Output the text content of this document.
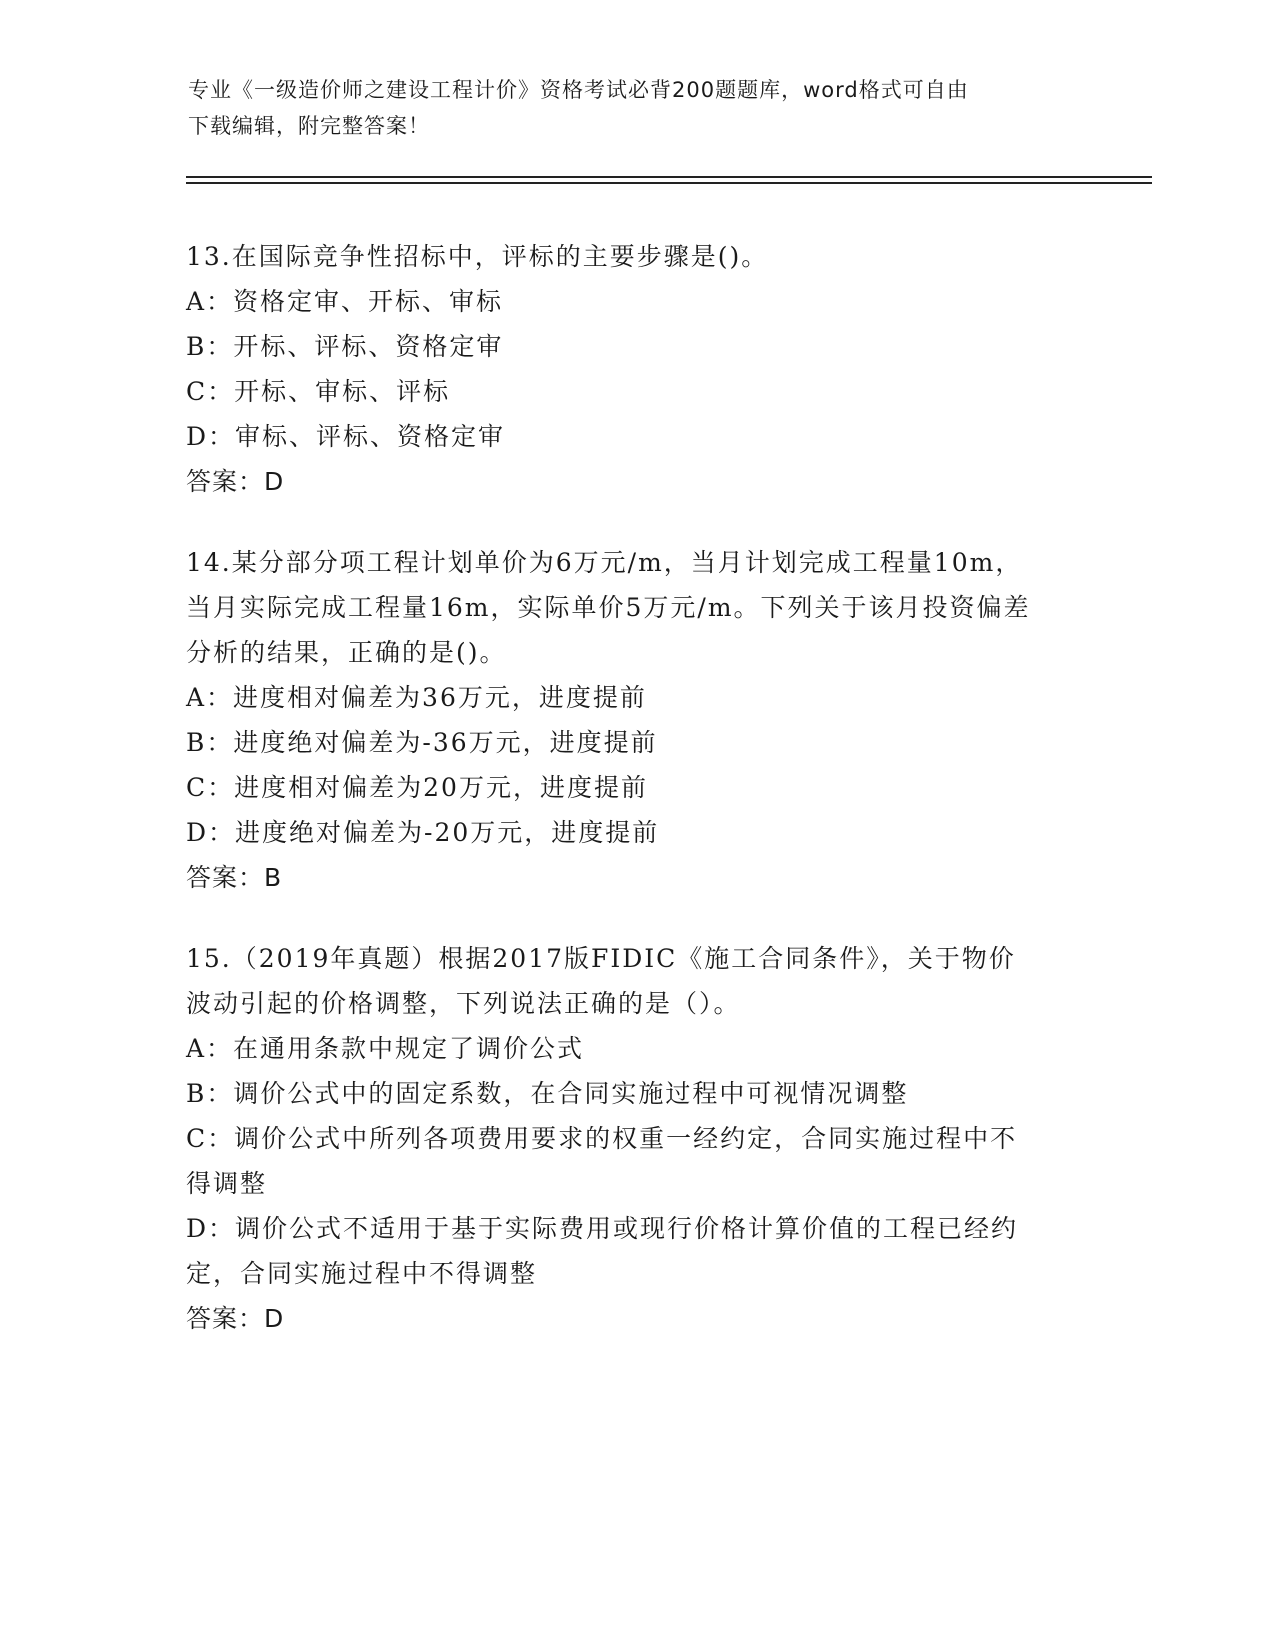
专业《一级造价师之建设工程计价》资格考试必背200题题库，word格式可自由
下载编辑，附完整答案！

13.在国际竞争性招标中，评标的主要步骤是()。

A：资格定审、开标、审标

B：开标、评标、资格定审

C：开标、审标、评标

D：审标、评标、资格定审

答案：D

14.某分部分项工程计划单价为6万元/m，当月计划完成工程量10m，

当月实际完成工程量16m，实际单价5万元/m。下列关于该月投资偏差

分析的结果，正确的是()。

A：进度相对偏差为36万元，进度提前

B：进度绝对偏差为-36万元，进度提前

C：进度相对偏差为20万元，进度提前

D：进度绝对偏差为-20万元，进度提前

答案：B

15.（2019年真题）根据2017版FIDIC《施工合同条件》，关于物价

波动引起的价格调整，下列说法正确的是（）。

A：在通用条款中规定了调价公式

B：调价公式中的固定系数，在合同实施过程中可视情况调整

C：调价公式中所列各项费用要求的权重一经约定，合同实施过程中不

得调整

D：调价公式不适用于基于实际费用或现行价格计算价值的工程已经约

定，合同实施过程中不得调整

答案：D
